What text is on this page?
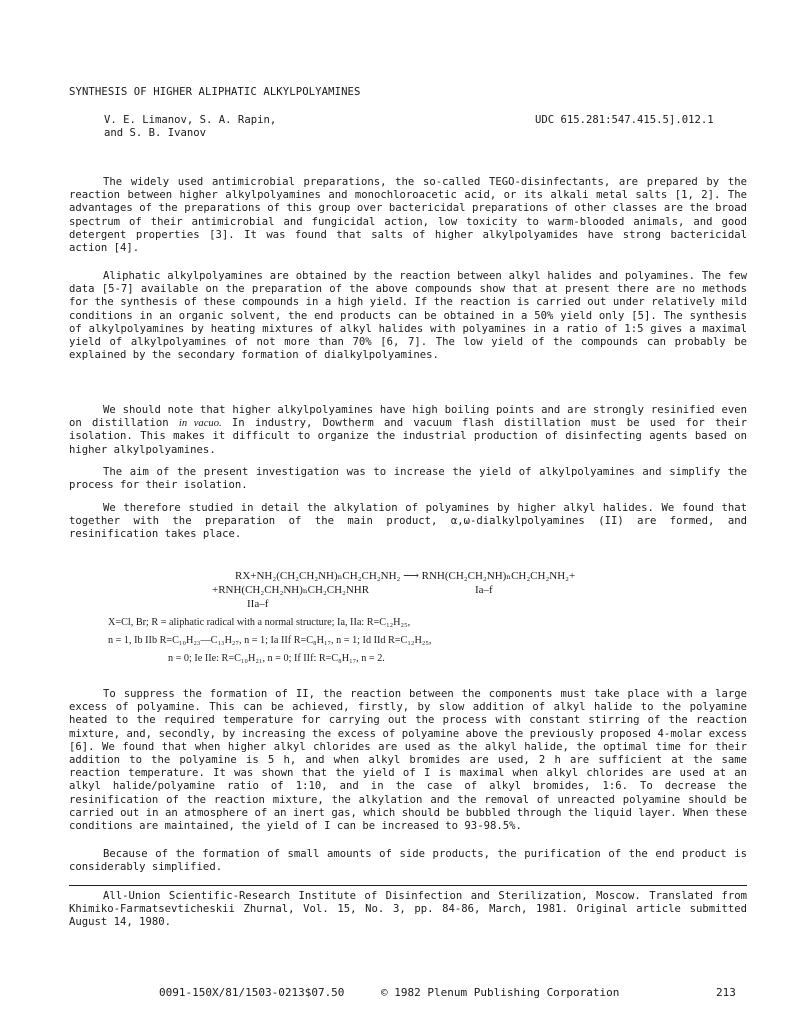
SYNTHESIS OF HIGHER ALIPHATIC ALKYLPOLYAMINES
V. E. Limanov, S. A. Rapin,
and S. B. Ivanov
UDC 615.281:547.415.5].012.1

The widely used antimicrobial preparations, the so-called TEGO-disinfectants, are prepared by the reaction between higher alkylpolyamines and monochloroacetic acid, or its alkali metal salts [1, 2]. The advantages of the preparations of this group over bactericidal preparations of other classes are the broad spectrum of their antimicrobial and fungicidal action, low toxicity to warm-blooded animals, and good detergent properties [3]. It was found that salts of higher alkylpolyamides have strong bactericidal action [4].

Aliphatic alkylpolyamines are obtained by the reaction between alkyl halides and polyamines. The few data [5-7] available on the preparation of the above compounds show that at present there are no methods for the synthesis of these compounds in a high yield. If the reaction is carried out under relatively mild conditions in an organic solvent, the end products can be obtained in a 50% yield only [5]. The synthesis of alkylpolyamines by heating mixtures of alkyl halides with polyamines in a ratio of 1:5 gives a maximal yield of alkylpolyamines of not more than 70% [6, 7]. The low yield of the compounds can probably be explained by the secondary formation of dialkylpolyamines.

We should note that higher alkylpolyamines have high boiling points and are strongly resinified even on distillation in vacuo. In industry, Dowtherm and vacuum flash distillation must be used for their isolation. This makes it difficult to organize the industrial production of disinfecting agents based on higher alkylpolyamines.

The aim of the present investigation was to increase the yield of alkylpolyamines and simplify the process for their isolation.

We therefore studied in detail the alkylation of polyamines by higher alkyl halides. We found that together with the preparation of the main product, α,ω-dialkylpolyamines (II) are formed, and resinification takes place.

RX+NH₂(CH₂CH₂NH)ₙCH₂CH₂NH₂ ⟶ RNH(CH₂CH₂NH)ₙCH₂CH₂NH₂+
+RNH(CH₂CH₂NH)ₙCH₂CH₂NHR	Ia–f
IIa–f
X=Cl, Br; R = aliphatic radical with a normal structure; Ia, IIa: R=C₁₂H₂₅,
n = 1, Ib IIb R=C₁₀H₂₃—C₁₃H₂₇, n = 1; Ia IIf R=C₈H₁₇, n = 1; Id IId R=C₁₂H₂₅,
n = 0; Ie IIe: R=C₁₀H₂₁, n = 0; If IIf: R=C₈H₁₇, n = 2.

To suppress the formation of II, the reaction between the components must take place with a large excess of polyamine. This can be achieved, firstly, by slow addition of alkyl halide to the polyamine heated to the required temperature for carrying out the process with constant stirring of the reaction mixture, and, secondly, by increasing the excess of polyamine above the previously proposed 4-molar excess [6]. We found that when higher alkyl chlorides are used as the alkyl halide, the optimal time for their addition to the polyamine is 5 h, and when alkyl bromides are used, 2 h are sufficient at the same reaction temperature. It was shown that the yield of I is maximal when alkyl chlorides are used at an alkyl halide/polyamine ratio of 1:10, and in the case of alkyl bromides, 1:6. To decrease the resinification of the reaction mixture, the alkylation and the removal of unreacted polyamine should be carried out in an atmosphere of an inert gas, which should be bubbled through the liquid layer. When these conditions are maintained, the yield of I can be increased to 93-98.5%.

Because of the formation of small amounts of side products, the purification of the end product is considerably simplified.

All-Union Scientific-Research Institute of Disinfection and Sterilization, Moscow. Translated from Khimiko-Farmatsevticheskii Zhurnal, Vol. 15, No. 3, pp. 84-86, March, 1981. Original article submitted August 14, 1980.

0091-150X/81/1503-0213$07.50	© 1982 Plenum Publishing Corporation	213
